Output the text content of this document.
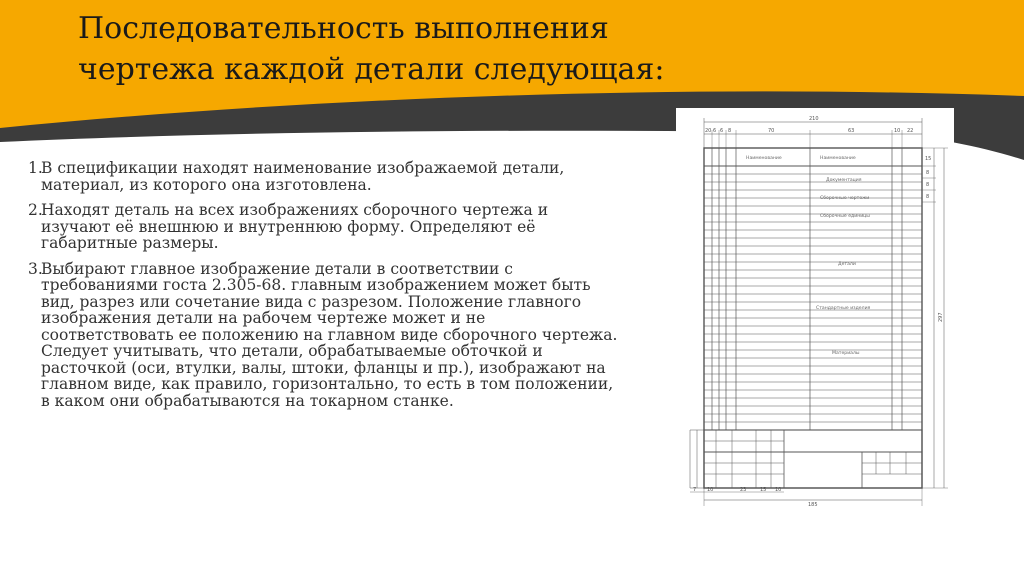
Последовательность выполнения чертежа каждой детали следующая:
1.
В спецификации находят наименование изображаемой детали, материал, из которого она изготовлена.
2.
Находят деталь на всех изображениях сборочного чертежа и изучают её внешнюю и внутреннюю форму. Определяют её габаритные размеры.
3.
Выбирают главное изображение детали в соответствии с требованиями госта 2.305-68. главным изображением может быть вид, разрез или сочетание вида с разрезом. Положение главного изображения детали на рабочем чертеже может и не соответствовать ее положению на главном виде сборочного чертежа. Следует учитывать, что детали, обрабатываемые обточкой и расточкой (оси, втулки, валы, штоки, фланцы и пр.), изображают на главном виде, как правило, горизонтально, то есть в том положении, в каком они обрабатываются на токарном станке.
210
20 6 6 8	70	63	10 22
15
8
8
8
297
7 10	23	15 10
185
Наименование	Наименование
Документация
Сборочные чертежи
Сборочные единицы
Детали
Стандартные изделия
Материалы
